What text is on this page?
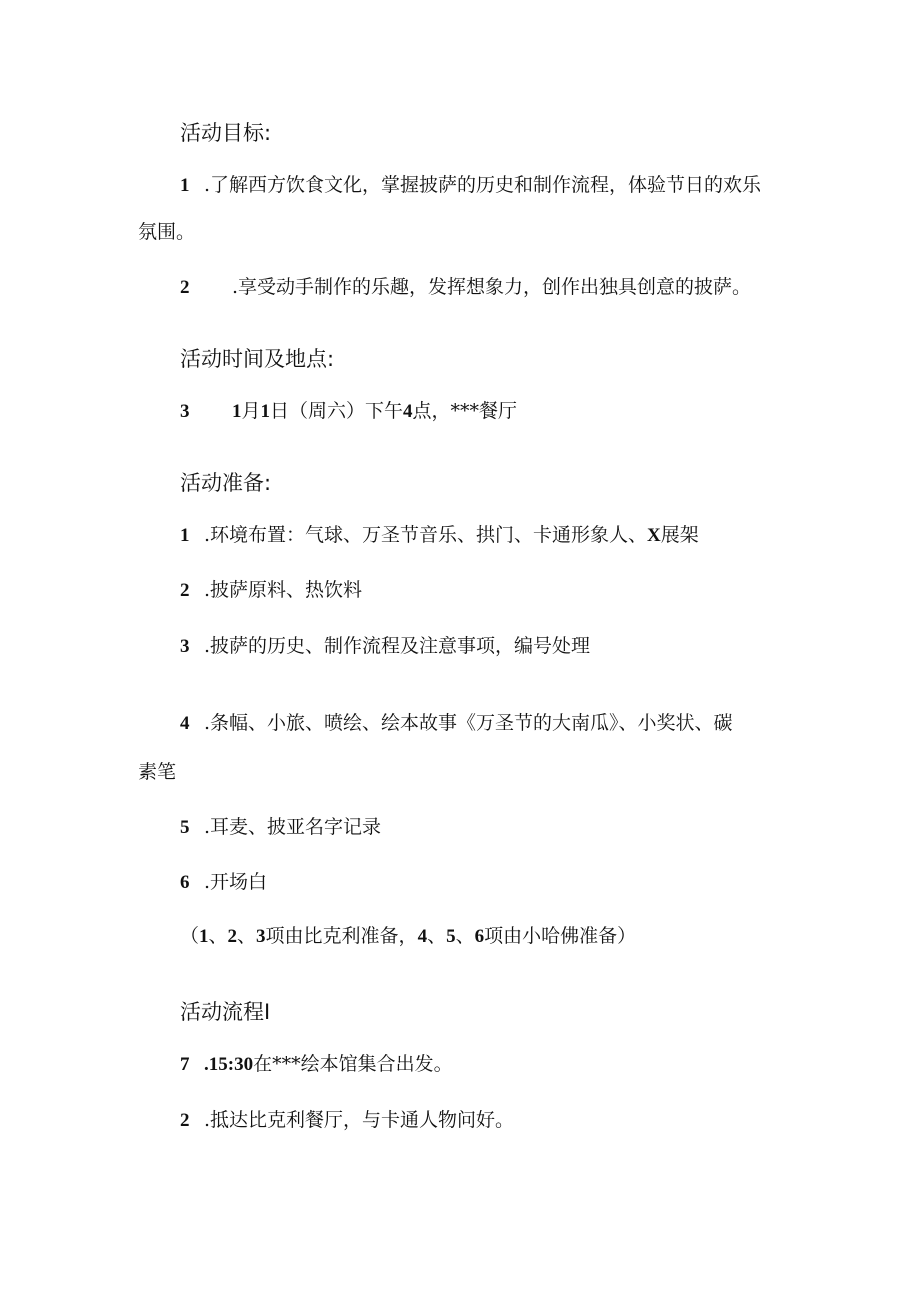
活动目标:
1 .了解西方饮食文化，掌握披萨的历史和制作流程，体验节日的欢乐
氛围。
2 .享受动手制作的乐趣，发挥想象力，创作出独具创意的披萨。
活动时间及地点:
3 1月1日（周六）下午4点，***餐厅
活动准备:
1 .环境布置：气球、万圣节音乐、拱门、卡通形象人、X展架
2 .披萨原料、热饮料
3 .披萨的历史、制作流程及注意事项，编号处理
4 .条幅、小旅、喷绘、绘本故事《万圣节的大南瓜》、小奖状、碳
素笔
5 .耳麦、披亚名字记录
6 .开场白
（1、2、3项由比克利准备，4、5、6项由小哈佛准备）
活动流程I
7 .15:30在***绘本馆集合出发。
2 .抵达比克利餐厅，与卡通人物问好。
